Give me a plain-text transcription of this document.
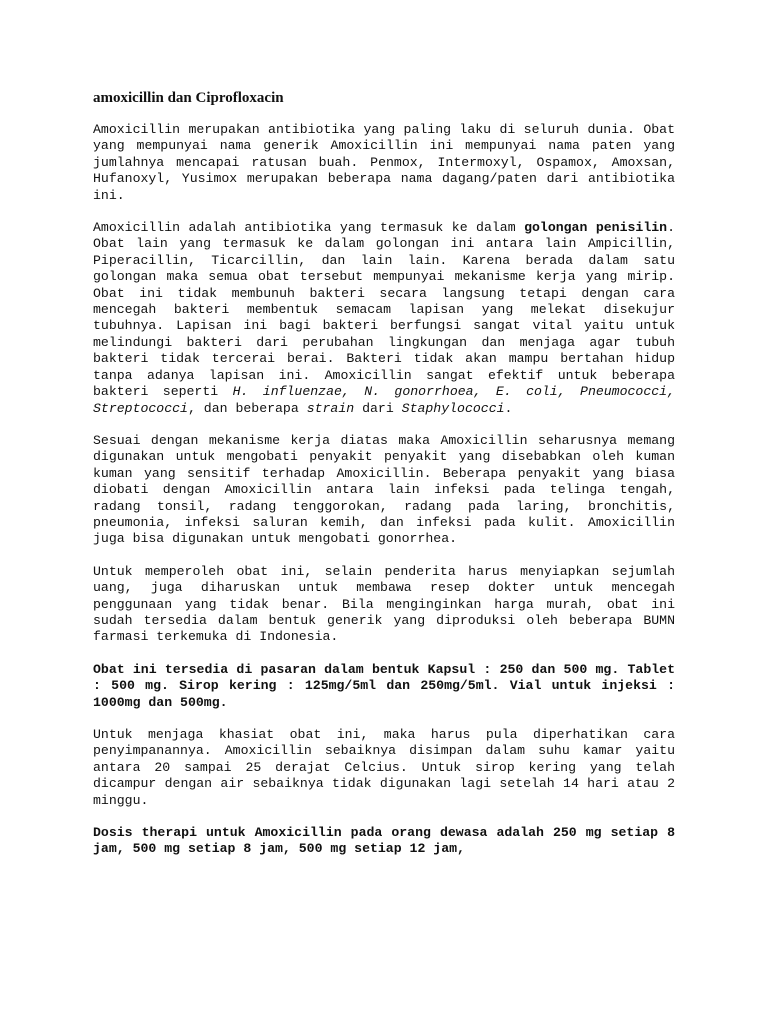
amoxicillin dan Ciprofloxacin

Amoxicillin merupakan antibiotika yang paling laku di seluruh dunia. Obat yang mempunyai nama generik Amoxicillin ini mempunyai nama paten yang jumlahnya mencapai ratusan buah. Penmox, Intermoxyl, Ospamox, Amoxsan, Hufanoxyl, Yusimox merupakan beberapa nama dagang/paten dari antibiotika ini.

Amoxicillin adalah antibiotika yang termasuk ke dalam golongan penisilin. Obat lain yang termasuk ke dalam golongan ini antara lain Ampicillin, Piperacillin, Ticarcillin, dan lain lain. Karena berada dalam satu golongan maka semua obat tersebut mempunyai mekanisme kerja yang mirip. Obat ini tidak membunuh bakteri secara langsung tetapi dengan cara mencegah bakteri membentuk semacam lapisan yang melekat disekujur tubuhnya. Lapisan ini bagi bakteri berfungsi sangat vital yaitu untuk melindungi bakteri dari perubahan lingkungan dan menjaga agar tubuh bakteri tidak tercerai berai. Bakteri tidak akan mampu bertahan hidup tanpa adanya lapisan ini. Amoxicillin sangat efektif untuk beberapa bakteri seperti H. influenzae, N. gonorrhoea, E. coli, Pneumococci, Streptococci, dan beberapa strain dari Staphylococci.

Sesuai dengan mekanisme kerja diatas maka Amoxicillin seharusnya memang digunakan untuk mengobati penyakit penyakit yang disebabkan oleh kuman kuman yang sensitif terhadap Amoxicillin. Beberapa penyakit yang biasa diobati dengan Amoxicillin antara lain infeksi pada telinga tengah, radang tonsil, radang tenggorokan, radang pada laring, bronchitis, pneumonia, infeksi saluran kemih, dan infeksi pada kulit. Amoxicillin juga bisa digunakan untuk mengobati gonorrhea.

Untuk memperoleh obat ini, selain penderita harus menyiapkan sejumlah uang, juga diharuskan untuk membawa resep dokter untuk mencegah penggunaan yang tidak benar. Bila menginginkan harga murah, obat ini sudah tersedia dalam bentuk generik yang diproduksi oleh beberapa BUMN farmasi terkemuka di Indonesia.

Obat ini tersedia di pasaran dalam bentuk Kapsul : 250 dan 500 mg. Tablet : 500 mg. Sirop kering : 125mg/5ml dan 250mg/5ml. Vial untuk injeksi : 1000mg dan 500mg.

Untuk menjaga khasiat obat ini, maka harus pula diperhatikan cara penyimpanannya. Amoxicillin sebaiknya disimpan dalam suhu kamar yaitu antara 20 sampai 25 derajat Celcius. Untuk sirop kering yang telah dicampur dengan air sebaiknya tidak digunakan lagi setelah 14 hari atau 2 minggu.

Dosis therapi untuk Amoxicillin pada orang dewasa adalah 250 mg setiap 8 jam, 500 mg setiap 8 jam, 500 mg setiap 12 jam,
